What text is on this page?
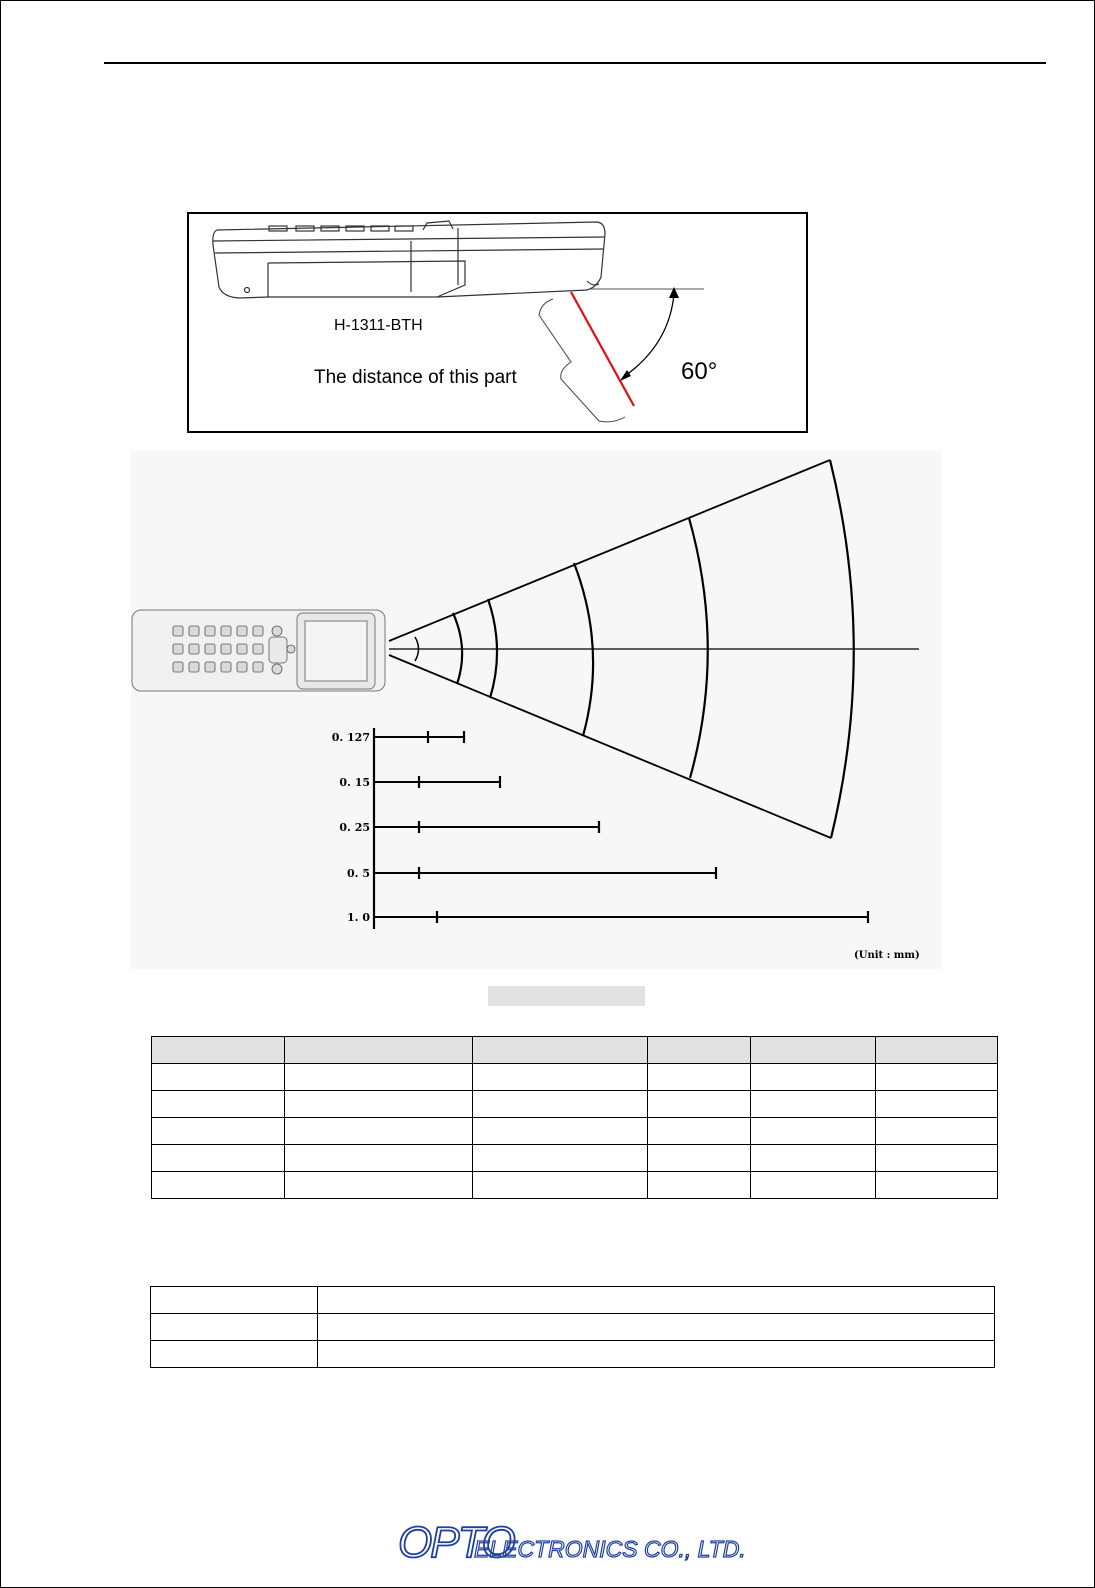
H-1311-BTH
The distance of this part	60°
0. 127
0. 15
0. 25
0. 5
1. 0
(Unit : mm)

OPTO
ELECTRONICS CO., LTD.
